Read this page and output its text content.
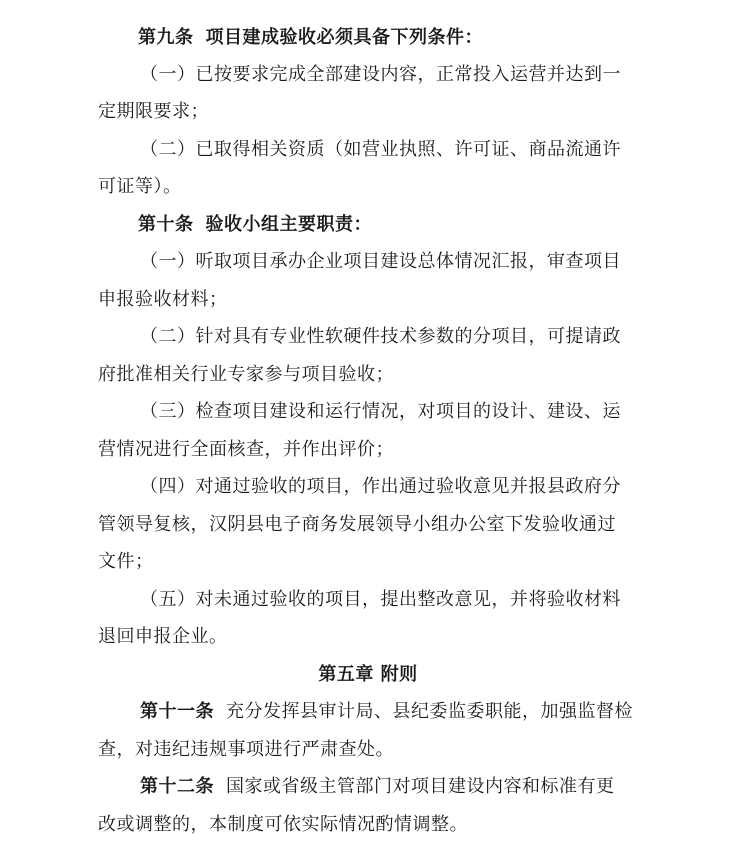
第九条 项目建成验收必须具备下列条件：
（一）已按要求完成全部建设内容，正常投入运营并达到一
定期限要求；
（二）已取得相关资质（如营业执照、许可证、商品流通许
可证等）。
第十条 验收小组主要职责：
（一）听取项目承办企业项目建设总体情况汇报，审查项目
申报验收材料；
（二）针对具有专业性软硬件技术参数的分项目，可提请政
府批准相关行业专家参与项目验收；
（三）检查项目建设和运行情况，对项目的设计、建设、运
营情况进行全面核查，并作出评价；
（四）对通过验收的项目，作出通过验收意见并报县政府分
管领导复核，汉阴县电子商务发展领导小组办公室下发验收通过
文件；
（五）对未通过验收的项目，提出整改意见，并将验收材料
退回申报企业。
第五章 附则
第十一条 充分发挥县审计局、县纪委监委职能，加强监督检
查，对违纪违规事项进行严肃查处。
第十二条 国家或省级主管部门对项目建设内容和标准有更
改或调整的，本制度可依实际情况酌情调整。
